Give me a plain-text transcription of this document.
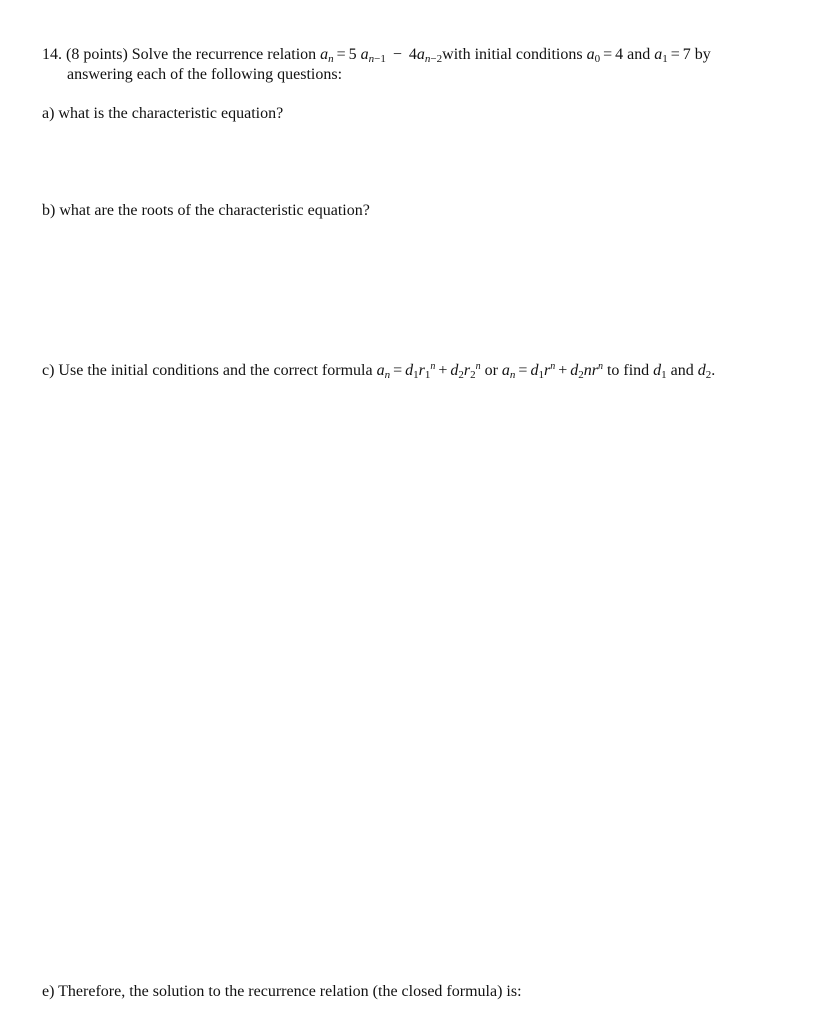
14. (8 points) Solve the recurrence relation an = 5 $an_{-1}$ − $4an_{-2}with$ initial conditions $a_0 = 4$ and $a_1 = 7$ by
answering each of the following questions:
a) what is the characteristic equation?
b) what are the roots of the characteristic equation?
c) Use the initial conditions and the correct formula an = $d_1r_1^n + d_2r_2^n$ or an = $d_1r^n + d_2nr^n$ to find $d_1$ and $d_2$.
e) Therefore, the solution to the recurrence relation (the closed formula) is:
